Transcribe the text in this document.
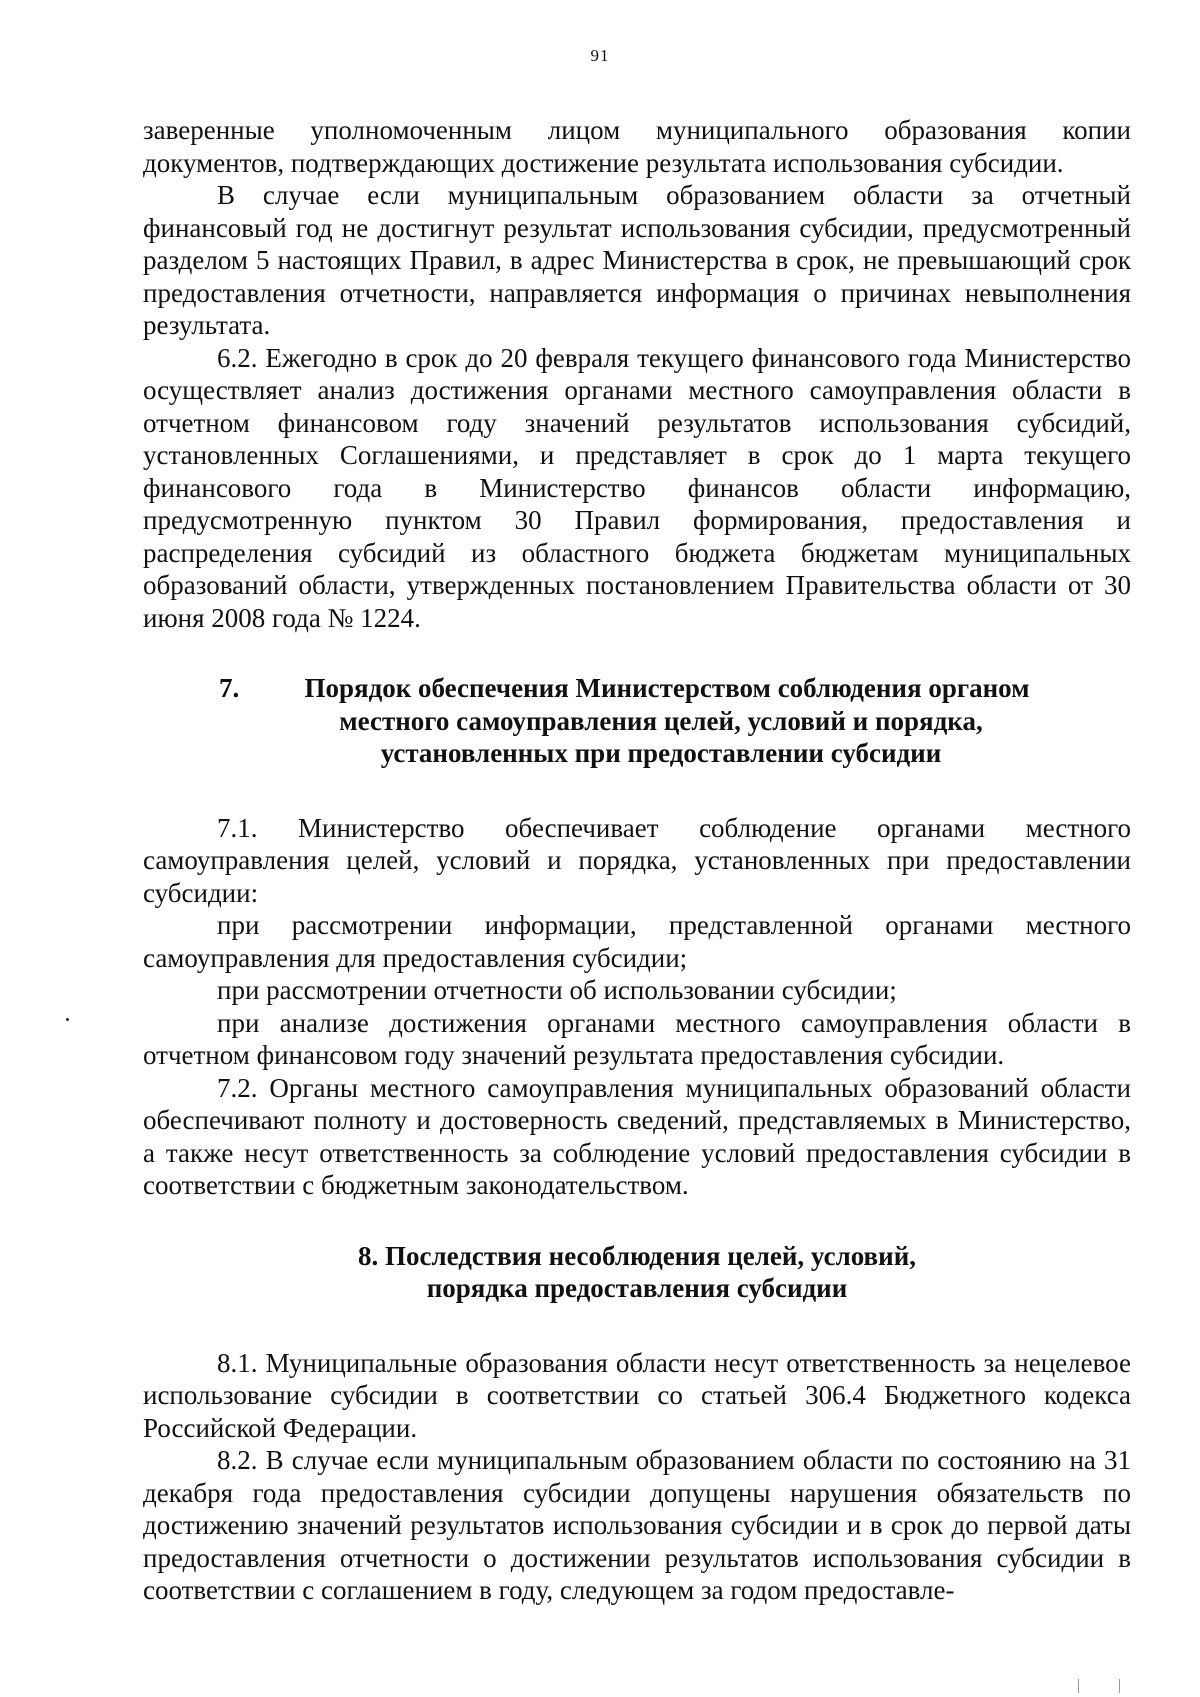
91

заверенные уполномоченным лицом муниципального образования копии документов, подтверждающих достижение результата использования субсидии.

В случае если муниципальным образованием области за отчетный финансовый год не достигнут результат использования субсидии, предусмотренный разделом 5 настоящих Правил, в адрес Министерства в срок, не превышающий срок предоставления отчетности, направляется информация о причинах невыполнения результата.

6.2. Ежегодно в срок до 20 февраля текущего финансового года Министерство осуществляет анализ достижения органами местного самоуправления области в отчетном финансовом году значений результатов использования субсидий, установленных Соглашениями, и представляет в срок до 1 марта текущего финансового года в Министерство финансов области информацию, предусмотренную пунктом 30 Правил формирования, предоставления и распределения субсидий из областного бюджета бюджетам муниципальных образований области, утвержденных постановлением Правительства области от 30 июня 2008 года № 1224.

7. Порядок обеспечения Министерством соблюдения органом
местного самоуправления целей, условий и порядка,
установленных при предоставлении субсидии

7.1. Министерство обеспечивает соблюдение органами местного самоуправления целей, условий и порядка, установленных при предоставлении субсидии:

при рассмотрении информации, представленной органами местного самоуправления для предоставления субсидии;

при рассмотрении отчетности об использовании субсидии;

при анализе достижения органами местного самоуправления области в отчетном финансовом году значений результата предоставления субсидии.

7.2. Органы местного самоуправления муниципальных образований области обеспечивают полноту и достоверность сведений, представляемых в Министерство, а также несут ответственность за соблюдение условий предоставления субсидии в соответствии с бюджетным законодательством.

8. Последствия несоблюдения целей, условий,
порядка предоставления субсидии

8.1. Муниципальные образования области несут ответственность за нецелевое использование субсидии в соответствии со статьей 306.4 Бюджетного кодекса Российской Федерации.

8.2. В случае если муниципальным образованием области по состоянию на 31 декабря года предоставления субсидии допущены нарушения обязательств по достижению значений результатов использования субсидии и в срок до первой даты предоставления отчетности о достижении результатов использования субсидии в соответствии с соглашением в году, следующем за годом предоставле-
